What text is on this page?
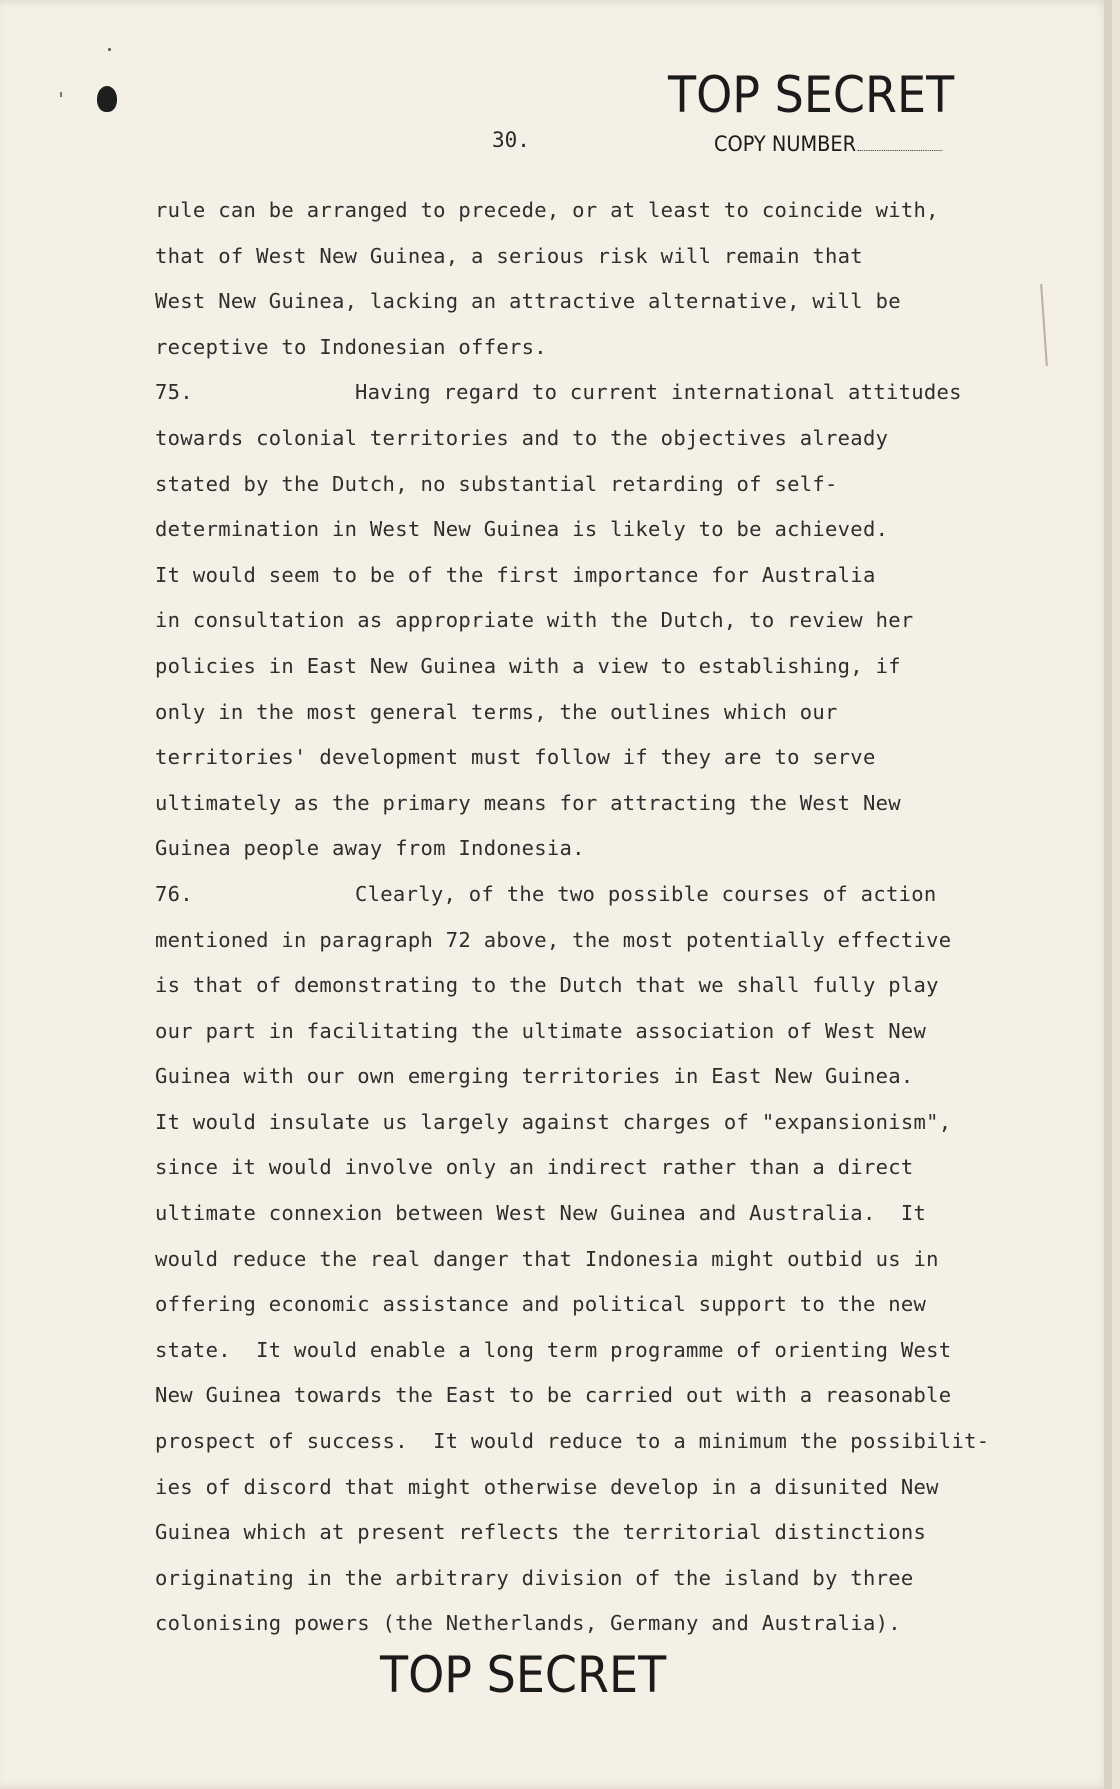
TOP SECRET
30.	COPY NUMBER
rule can be arranged to precede, or at least to coincide with,
that of West New Guinea, a serious risk will remain that
West New Guinea, lacking an attractive alternative, will be
receptive to Indonesian offers.
75.	Having regard to current international attitudes
towards colonial territories and to the objectives already
stated by the Dutch, no substantial retarding of self-
determination in West New Guinea is likely to be achieved.
It would seem to be of the first importance for Australia
in consultation as appropriate with the Dutch, to review her
policies in East New Guinea with a view to establishing, if
only in the most general terms, the outlines which our
territories' development must follow if they are to serve
ultimately as the primary means for attracting the West New
Guinea people away from Indonesia.
76.	Clearly, of the two possible courses of action
mentioned in paragraph 72 above, the most potentially effective
is that of demonstrating to the Dutch that we shall fully play
our part in facilitating the ultimate association of West New
Guinea with our own emerging territories in East New Guinea.
It would insulate us largely against charges of "expansionism",
since it would involve only an indirect rather than a direct
ultimate connexion between West New Guinea and Australia.  It
would reduce the real danger that Indonesia might outbid us in
offering economic assistance and political support to the new
state.  It would enable a long term programme of orienting West
New Guinea towards the East to be carried out with a reasonable
prospect of success.  It would reduce to a minimum the possibilit-
ies of discord that might otherwise develop in a disunited New
Guinea which at present reflects the territorial distinctions
originating in the arbitrary division of the island by three
colonising powers (the Netherlands, Germany and Australia).
TOP SECRET
